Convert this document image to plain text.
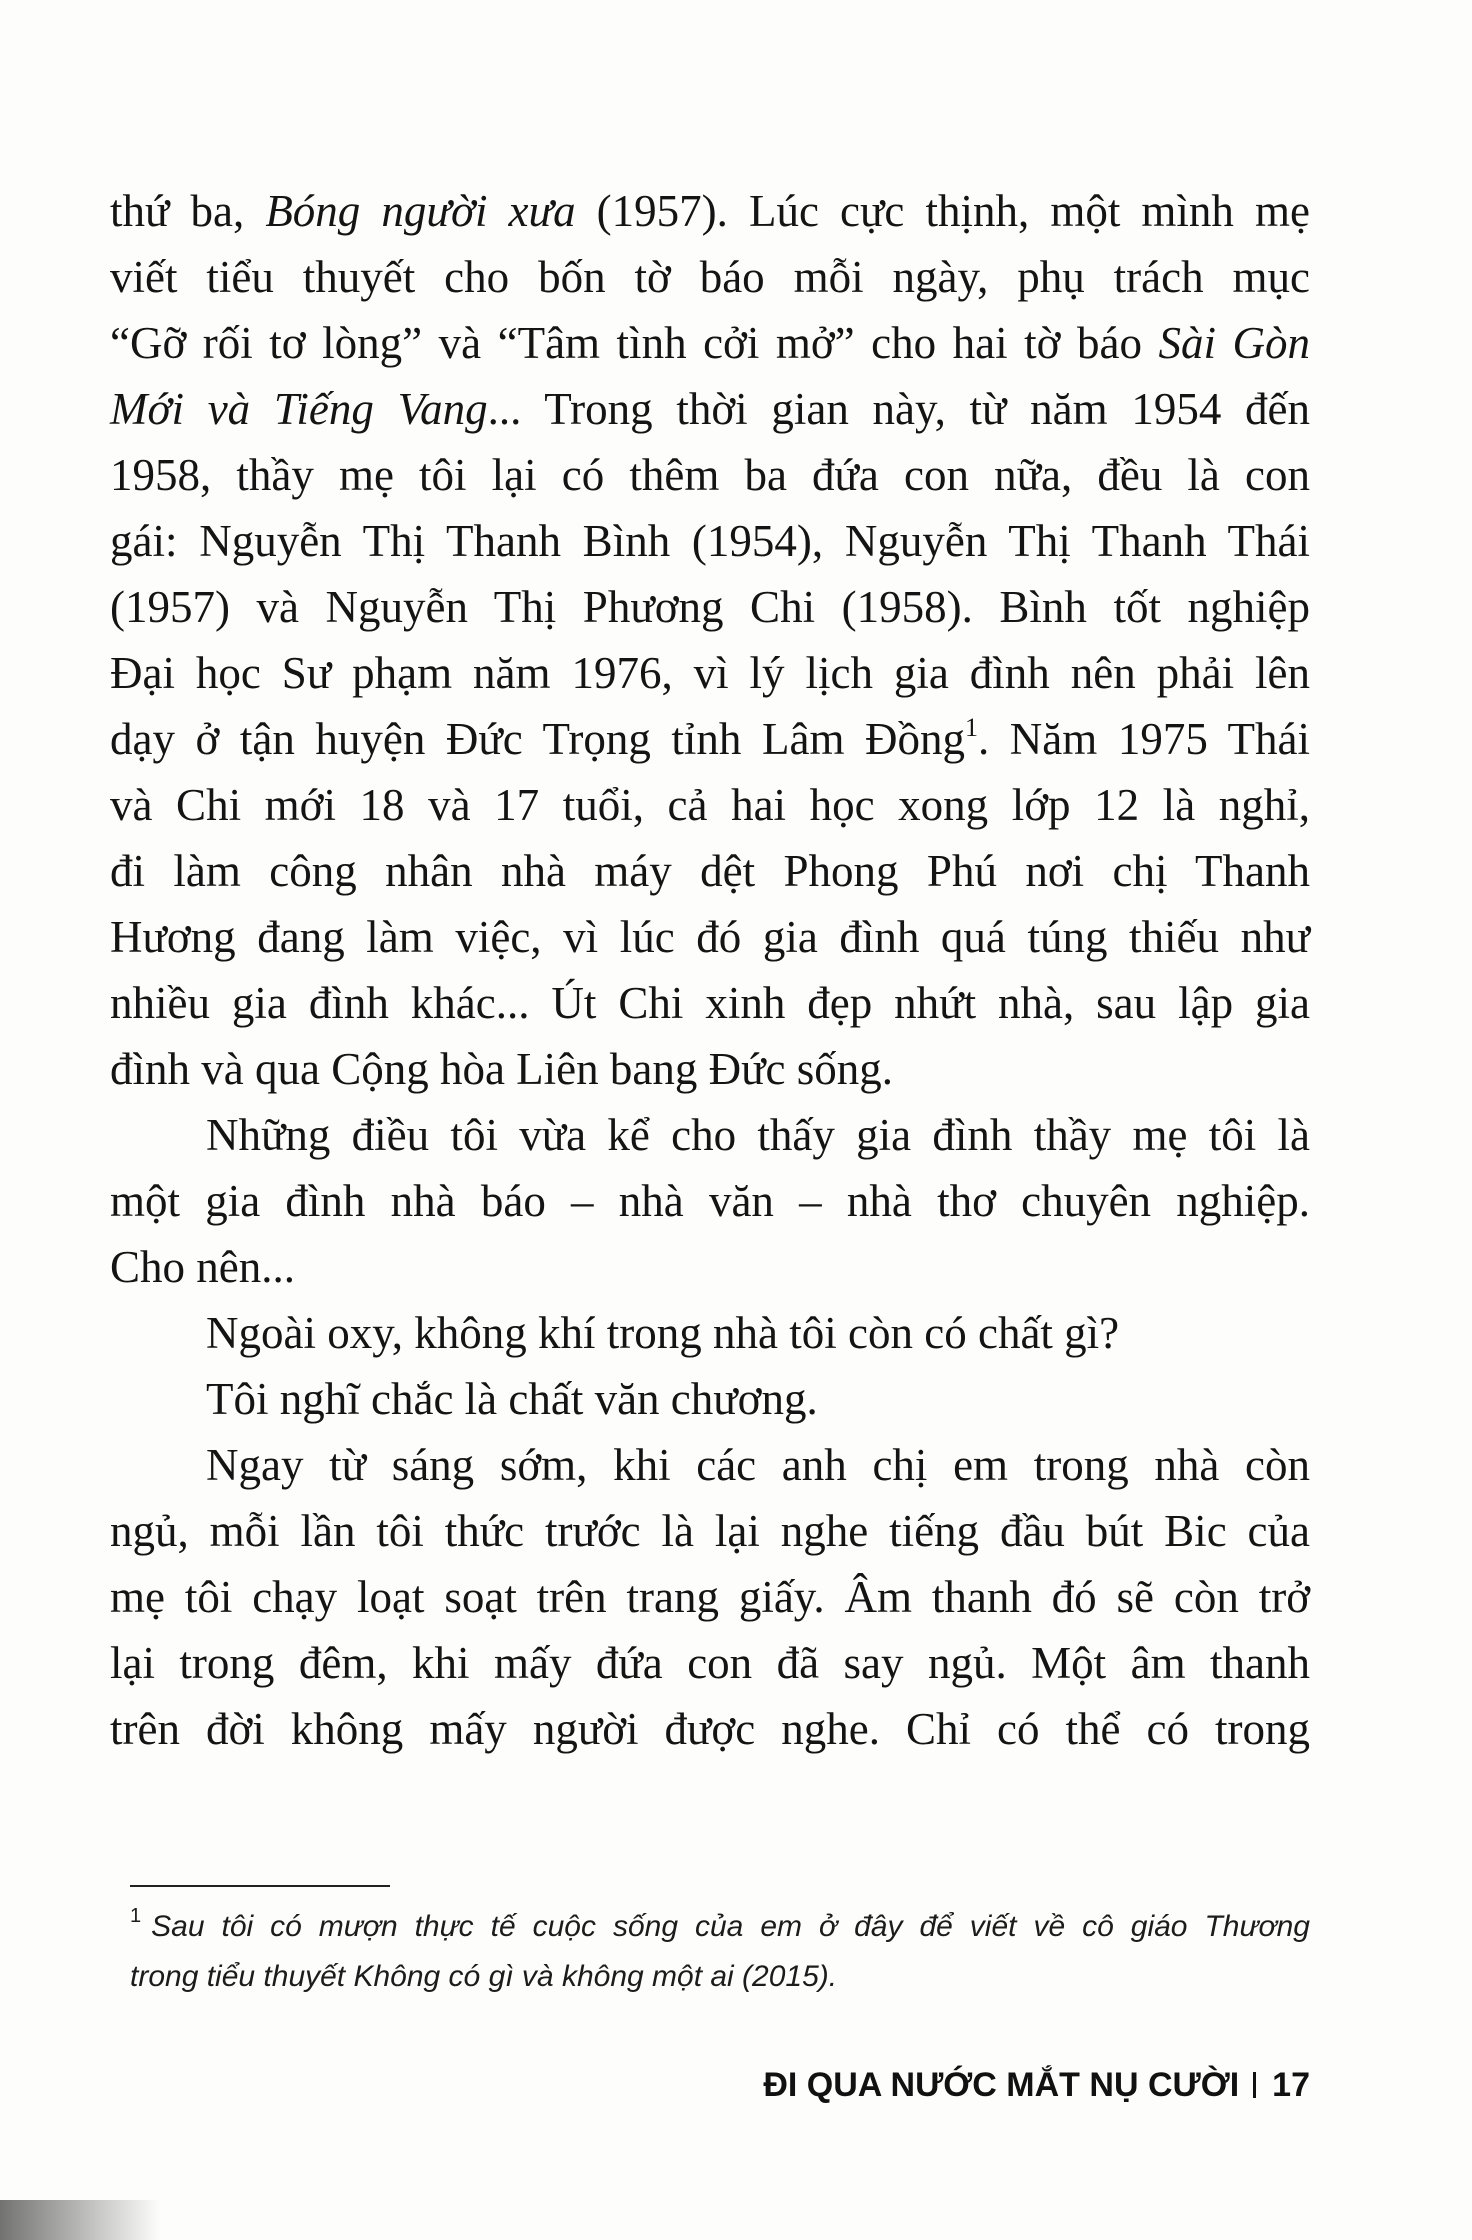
thứ ba, Bóng người xưa (1957). Lúc cực thịnh, một mình mẹ
viết tiểu thuyết cho bốn tờ báo mỗi ngày, phụ trách mục
“Gỡ rối tơ lòng” và “Tâm tình cởi mở” cho hai tờ báo Sài Gòn
Mới và Tiếng Vang... Trong thời gian này, từ năm 1954 đến
1958, thầy mẹ tôi lại có thêm ba đứa con nữa, đều là con
gái: Nguyễn Thị Thanh Bình (1954), Nguyễn Thị Thanh Thái
(1957) và Nguyễn Thị Phương Chi (1958). Bình tốt nghiệp
Đại học Sư phạm năm 1976, vì lý lịch gia đình nên phải lên
dạy ở tận huyện Đức Trọng tỉnh Lâm Đồng$^1$. Năm 1975 Thái
và Chi mới 18 và 17 tuổi, cả hai học xong lớp 12 là nghỉ,
đi làm công nhân nhà máy dệt Phong Phú nơi chị Thanh
Hương đang làm việc, vì lúc đó gia đình quá túng thiếu như
nhiều gia đình khác... Út Chi xinh đẹp nhứt nhà, sau lập gia
đình và qua Cộng hòa Liên bang Đức sống.
Những điều tôi vừa kể cho thấy gia đình thầy mẹ tôi là
một gia đình nhà báo – nhà văn – nhà thơ chuyên nghiệp.
Cho nên...
Ngoài oxy, không khí trong nhà tôi còn có chất gì?
Tôi nghĩ chắc là chất văn chương.
Ngay từ sáng sớm, khi các anh chị em trong nhà còn
ngủ, mỗi lần tôi thức trước là lại nghe tiếng đầu bút Bic của
mẹ tôi chạy loạt soạt trên trang giấy. Âm thanh đó sẽ còn trở
lại trong đêm, khi mấy đứa con đã say ngủ. Một âm thanh
trên đời không mấy người được nghe. Chỉ có thể có trong
$^1$ Sau tôi có mượn thực tế cuộc sống của em ở đây để viết về cô giáo Thương
trong tiểu thuyết Không có gì và không một ai (2015).
ĐI QUA NƯỚC MẮT NỤ CƯỜI 17
